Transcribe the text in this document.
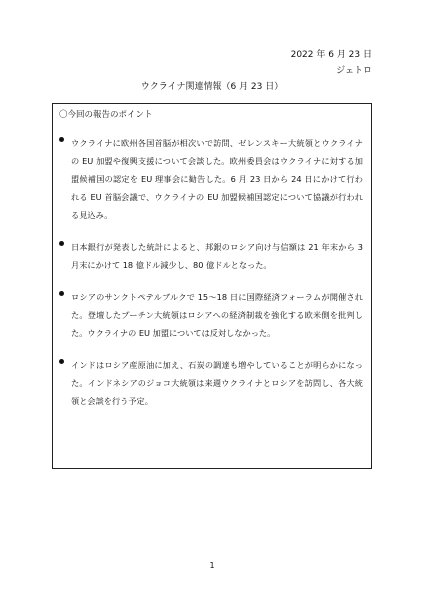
2022 年 6 月 23 日
ジェトロ
ウクライナ関連情報（6 月 23 日）
〇今回の報告のポイント
ウクライナに欧州各国首脳が相次いで訪問、ゼレンスキー大統領とウクライナの EU 加盟や復興支援について会談した。欧州委員会はウクライナに対する加盟候補国の認定を EU 理事会に勧告した。6 月 23 日から 24 日にかけて行われる EU 首脳会議で、ウクライナの EU 加盟候補国認定について協議が行われる見込み。
日本銀行が発表した統計によると、邦銀のロシア向け与信額は 21 年末から 3 月末にかけて 18 億ドル減少し、80 億ドルとなった。
ロシアのサンクトペテルブルクで 15～18 日に国際経済フォーラムが開催された。登壇したプーチン大統領はロシアへの経済制裁を強化する欧米側を批判した。ウクライナの EU 加盟については反対しなかった。
インドはロシア産原油に加え、石炭の調達も増やしていることが明らかになった。インドネシアのジョコ大統領は来週ウクライナとロシアを訪問し、各大統領と会談を行う予定。
1
